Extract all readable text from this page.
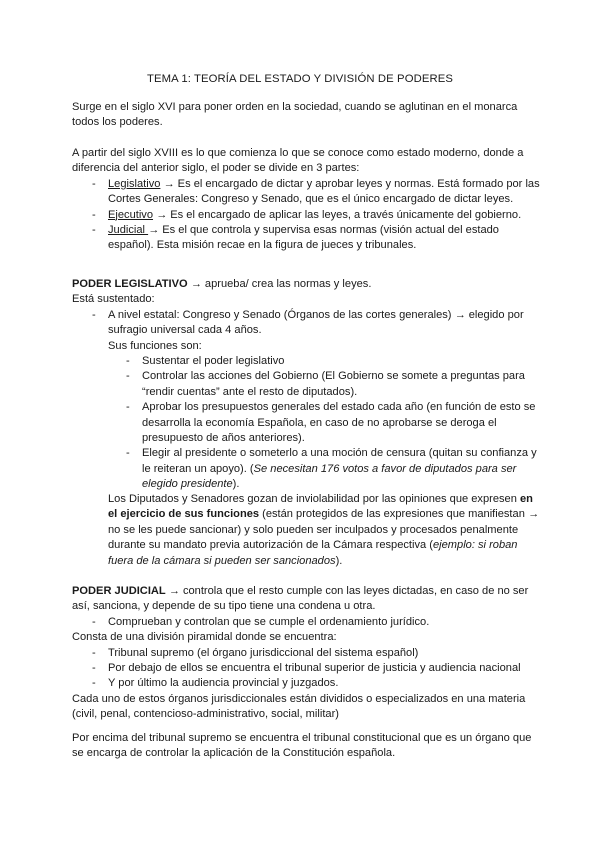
TEMA 1: TEORÍA DEL ESTADO Y DIVISIÓN DE PODERES

Surge en el siglo XVI para poner orden en la sociedad, cuando se aglutinan en el monarca todos los poderes.

A partir del siglo XVIII es lo que comienza lo que se conoce como estado moderno, donde a diferencia del anterior siglo, el poder se divide en 3 partes:

- Legislativo → Es el encargado de dictar y aprobar leyes y normas. Está formado por las Cortes Generales: Congreso y Senado, que es el único encargado de dictar leyes.
- Ejecutivo → Es el encargado de aplicar las leyes, a través únicamente del gobierno.
- Judicial → Es el que controla y supervisa esas normas (visión actual del estado español). Esta misión recae en la figura de jueces y tribunales.

PODER LEGISLATIVO → aprueba/ crea las normas y leyes.

Está sustentado:

- A nivel estatal: Congreso y Senado (Órganos de las cortes generales) → elegido por sufragio universal cada 4 años.
Sus funciones son:
- Sustentar el poder legislativo
- Controlar las acciones del Gobierno (El Gobierno se somete a preguntas para “rendir cuentas” ante el resto de diputados).
- Aprobar los presupuestos generales del estado cada año (en función de esto se desarrolla la economía Española, en caso de no aprobarse se deroga el presupuesto de años anteriores).
- Elegir al presidente o someterlo a una moción de censura (quitan su confianza y le reiteran un apoyo). (Se necesitan 176 votos a favor de diputados para ser elegido presidente).

Los Diputados y Senadores gozan de inviolabilidad por las opiniones que expresen en el ejercicio de sus funciones (están protegidos de las expresiones que manifiestan → no se les puede sancionar) y solo pueden ser inculpados y procesados penalmente durante su mandato previa autorización de la Cámara respectiva (ejemplo: si roban fuera de la cámara si pueden ser sancionados).

PODER JUDICIAL → controla que el resto cumple con las leyes dictadas, en caso de no ser así, sanciona, y depende de su tipo tiene una condena u otra.

- Comprueban y controlan que se cumple el ordenamiento jurídico.

Consta de una división piramidal donde se encuentra:

- Tribunal supremo (el órgano jurisdiccional del sistema español)
- Por debajo de ellos se encuentra el tribunal superior de justicia y audiencia nacional
- Y por último la audiencia provincial y juzgados.

Cada uno de estos órganos jurisdiccionales están divididos o especializados en una materia (civil, penal, contencioso-administrativo, social, militar)

Por encima del tribunal supremo se encuentra el tribunal constitucional que es un órgano que se encarga de controlar la aplicación de la Constitución española.
